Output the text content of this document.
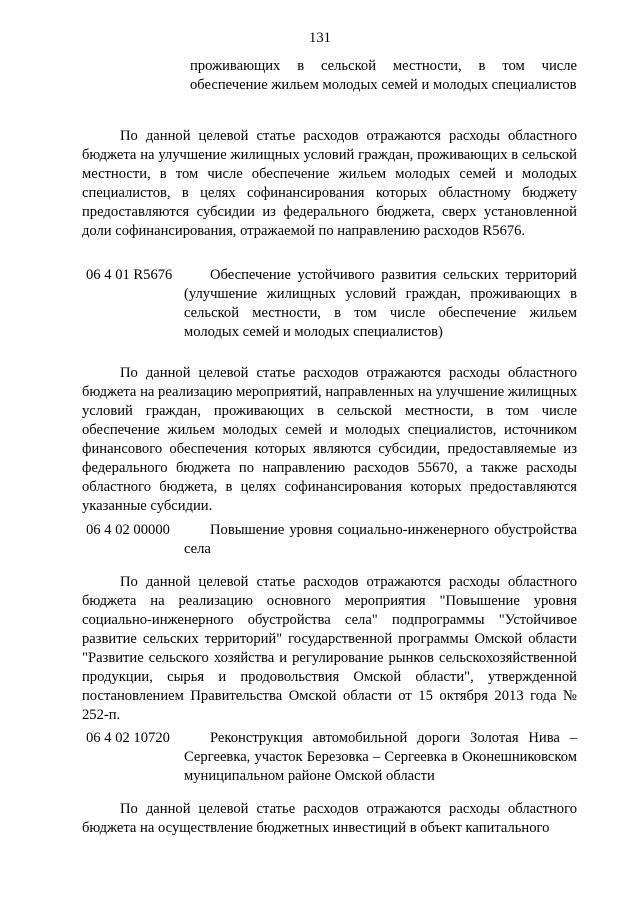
131
проживающих в сельской местности, в том числе обеспечение жильем молодых семей и молодых специалистов
По данной целевой статье расходов отражаются расходы областного бюджета на улучшение жилищных условий граждан, проживающих в сельской местности, в том числе обеспечение жильем молодых семей и молодых специалистов, в целях софинансирования которых областному бюджету предоставляются субсидии из федерального бюджета, сверх установленной доли софинансирования, отражаемой по направлению расходов R5676.
06 4 01 R5676	Обеспечение устойчивого развития сельских территорий (улучшение жилищных условий граждан, проживающих в сельской местности, в том числе обеспечение жильем молодых семей и молодых специалистов)
По данной целевой статье расходов отражаются расходы областного бюджета на реализацию мероприятий, направленных на улучшение жилищных условий граждан, проживающих в сельской местности, в том числе обеспечение жильем молодых семей и молодых специалистов, источником финансового обеспечения которых являются субсидии, предоставляемые из федерального бюджета по направлению расходов 55670, а также расходы областного бюджета, в целях софинансирования которых предоставляются указанные субсидии.
06 4 02 00000	Повышение уровня социально-инженерного обустройства села
По данной целевой статье расходов отражаются расходы областного бюджета на реализацию основного мероприятия "Повышение уровня социально-инженерного обустройства села" подпрограммы "Устойчивое развитие сельских территорий" государственной программы Омской области "Развитие сельского хозяйства и регулирование рынков сельскохозяйственной продукции, сырья и продовольствия Омской области", утвержденной постановлением Правительства Омской области от 15 октября 2013 года № 252-п.
06 4 02 10720	Реконструкция автомобильной дороги Золотая Нива – Сергеевка, участок Березовка – Сергеевка в Оконешниковском муниципальном районе Омской области
По данной целевой статье расходов отражаются расходы областного бюджета на осуществление бюджетных инвестиций в объект капитального
